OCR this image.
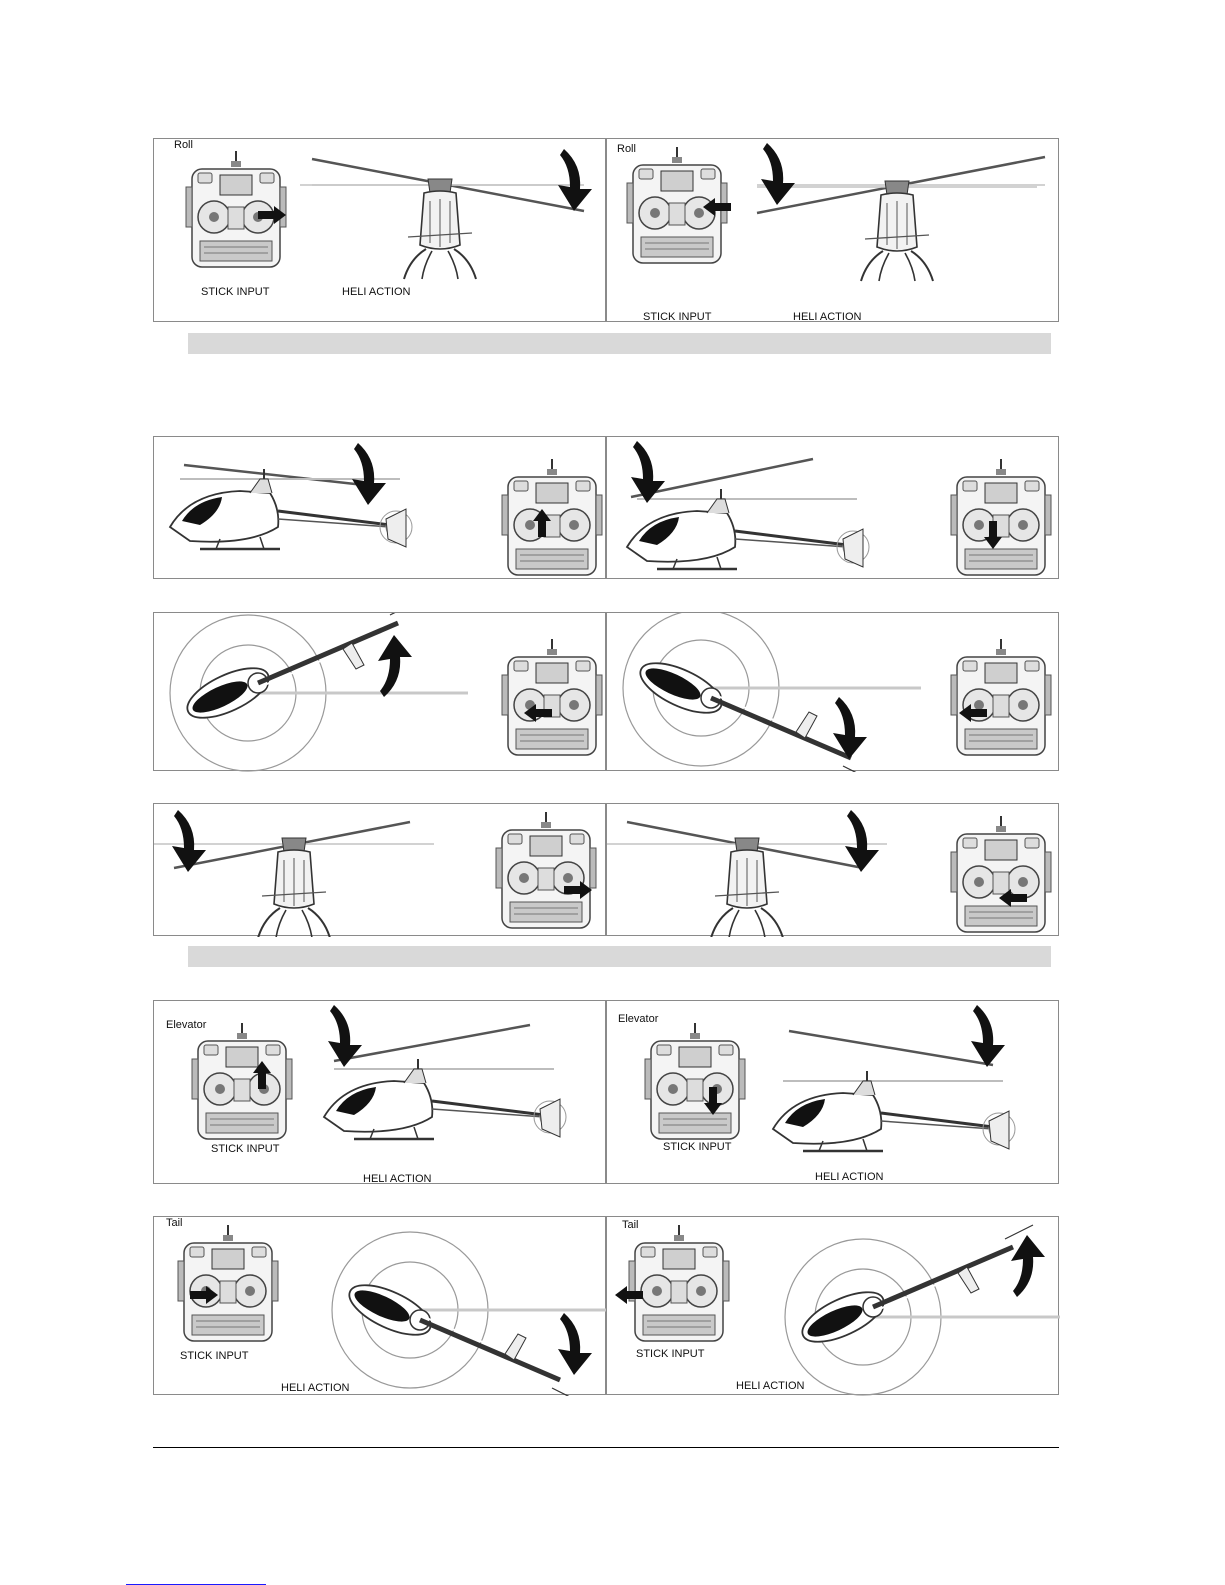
Roll
STICK INPUT	HELI ACTION
Roll
STICK INPUT	HELI ACTION
Elevator
STICK INPUT
HELI ACTION
Elevator
STICK INPUT
HELI ACTION
Tail
STICK INPUT
HELI ACTION
Tail
STICK INPUT
HELI ACTION
